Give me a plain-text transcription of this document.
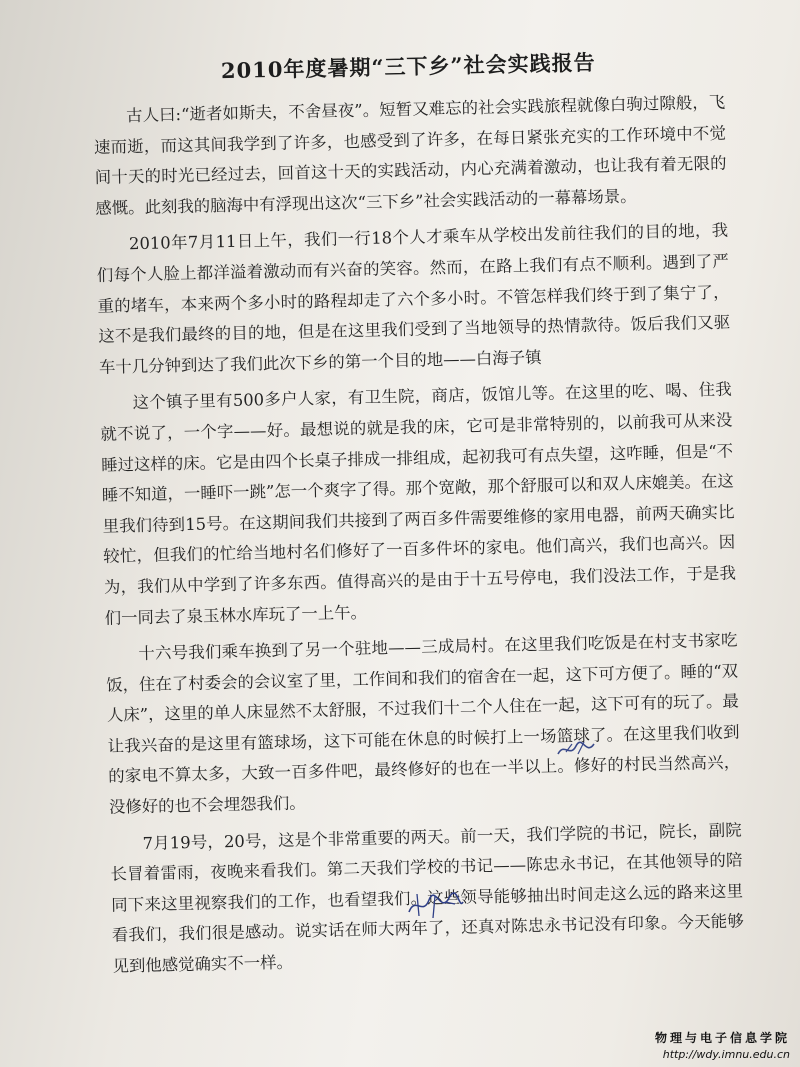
2010年度暑期“三下乡”社会实践报告

古人曰:“逝者如斯夫，不舍昼夜”。短暂又难忘的社会实践旅程就像白驹过隙般，飞速而逝，而这其间我学到了许多，也感受到了许多，在每日紧张充实的工作环境中不觉间十天的时光已经过去，回首这十天的实践活动，内心充满着激动，也让我有着无限的感慨。此刻我的脑海中有浮现出这次“三下乡”社会实践活动的一幕幕场景。

2010年7月11日上午，我们一行18个人才乘车从学校出发前往我们的目的地，我们每个人脸上都洋溢着激动而有兴奋的笑容。然而，在路上我们有点不顺利。遇到了严重的堵车，本来两个多小时的路程却走了六个多小时。不管怎样我们终于到了集宁了，这不是我们最终的目的地，但是在这里我们受到了当地领导的热情款待。饭后我们又驱车十几分钟到达了我们此次下乡的第一个目的地——白海子镇

这个镇子里有500多户人家，有卫生院，商店，饭馆儿等。在这里的吃、喝、住我就不说了，一个字——好。最想说的就是我的床，它可是非常特别的，以前我可从来没睡过这样的床。它是由四个长桌子排成一排组成，起初我可有点失望，这咋睡，但是“不睡不知道，一睡吓一跳”怎一个爽字了得。那个宽敞，那个舒服可以和双人床媲美。在这里我们待到15号。在这期间我们共接到了两百多件需要维修的家用电器，前两天确实比较忙，但我们的忙给当地村名们修好了一百多件坏的家电。他们高兴，我们也高兴。因为，我们从中学到了许多东西。值得高兴的是由于十五号停电，我们没法工作，于是我们一同去了泉玉林水库玩了一上午。

十六号我们乘车换到了另一个驻地——三成局村。在这里我们吃饭是在村支书家吃饭，住在了村委会的会议室了里，工作间和我们的宿舍在一起，这下可方便了。睡的“双人床”，这里的单人床显然不太舒服，不过我们十二个人住在一起，这下可有的玩了。最让我兴奋的是这里有篮球场，这下可能在休息的时候打上一场篮球了。在这里我们收到的家电不算太多，大致一百多件吧，最终修好的也在一半以上。修好的村民当然高兴，没修好的也不会埋怨我们。

7月19号，20号，这是个非常重要的两天。前一天，我们学院的书记，院长，副院长冒着雷雨，夜晚来看我们。第二天我们学校的书记——陈忠永书记，在其他领导的陪同下来这里视察我们的工作，也看望我们。这些领导能够抽出时间走这么远的路来这里看我们，我们很是感动。说实话在师大两年了，还真对陈忠永书记没有印象。今天能够见到他感觉确实不一样。

物理与电子信息学院
http://wdy.imnu.edu.cn
